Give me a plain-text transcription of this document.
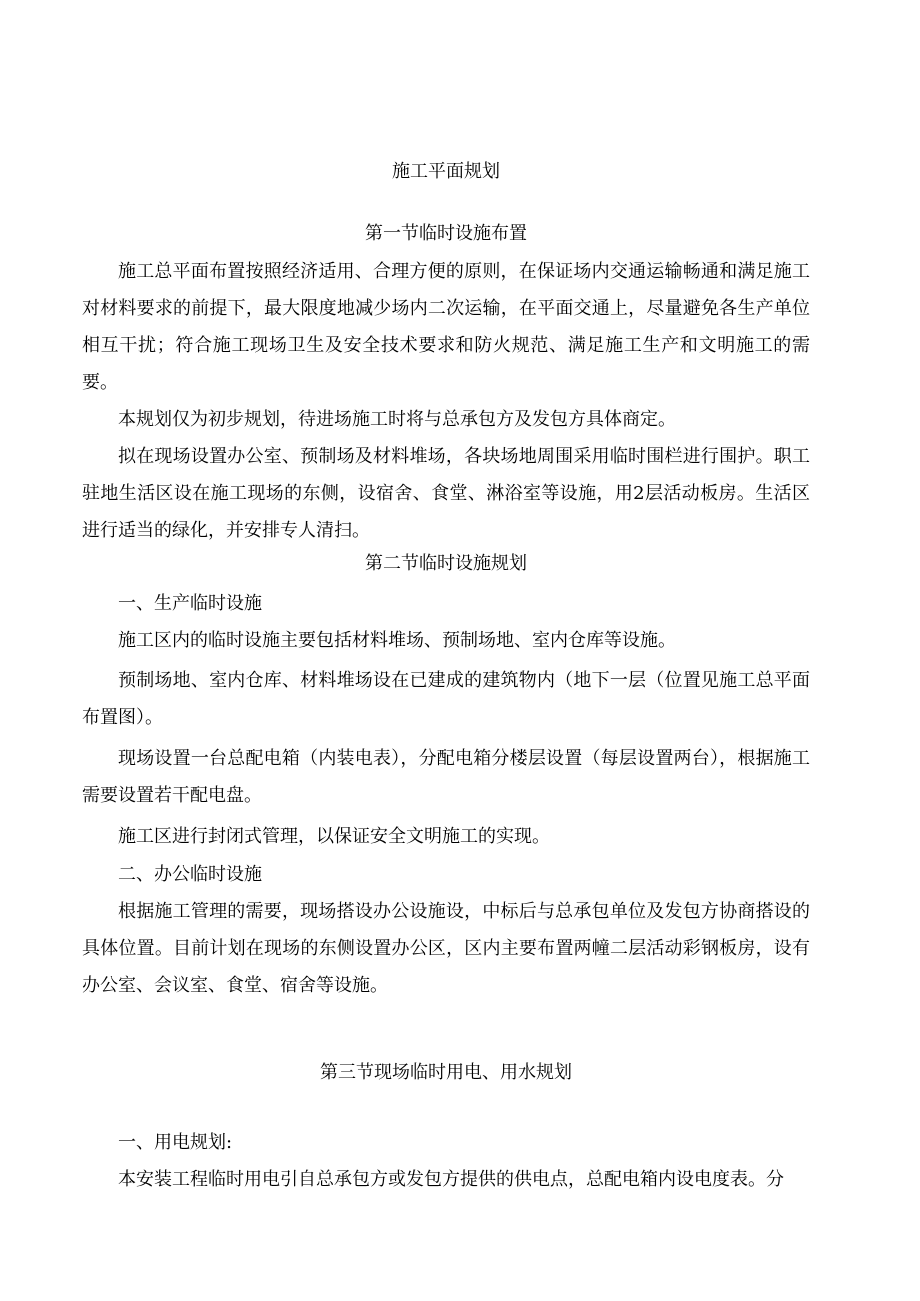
施工平面规划
第一节临时设施布置

施工总平面布置按照经济适用、合理方便的原则，在保证场内交通运输畅通和满足施工对材料要求的前提下，最大限度地减少场内二次运输，在平面交通上，尽量避免各生产单位相互干扰；符合施工现场卫生及安全技术要求和防火规范、满足施工生产和文明施工的需要。

本规划仅为初步规划，待进场施工时将与总承包方及发包方具体商定。

拟在现场设置办公室、预制场及材料堆场，各块场地周围采用临时围栏进行围护。职工驻地生活区设在施工现场的东侧，设宿舍、食堂、淋浴室等设施，用2层活动板房。生活区进行适当的绿化，并安排专人清扫。

第二节临时设施规划
一、生产临时设施

施工区内的临时设施主要包括材料堆场、预制场地、室内仓库等设施。

预制场地、室内仓库、材料堆场设在已建成的建筑物内（地下一层（位置见施工总平面布置图）。

现场设置一台总配电箱（内装电表），分配电箱分楼层设置（每层设置两台），根据施工需要设置若干配电盘。

施工区进行封闭式管理，以保证安全文明施工的实现。

二、办公临时设施

根据施工管理的需要，现场搭设办公设施设，中标后与总承包单位及发包方协商搭设的具体位置。目前计划在现场的东侧设置办公区，区内主要布置两幢二层活动彩钢板房，设有办公室、会议室、食堂、宿舍等设施。

第三节现场临时用电、用水规划
一、用电规划:

本安装工程临时用电引自总承包方或发包方提供的供电点，总配电箱内设电度表。分
